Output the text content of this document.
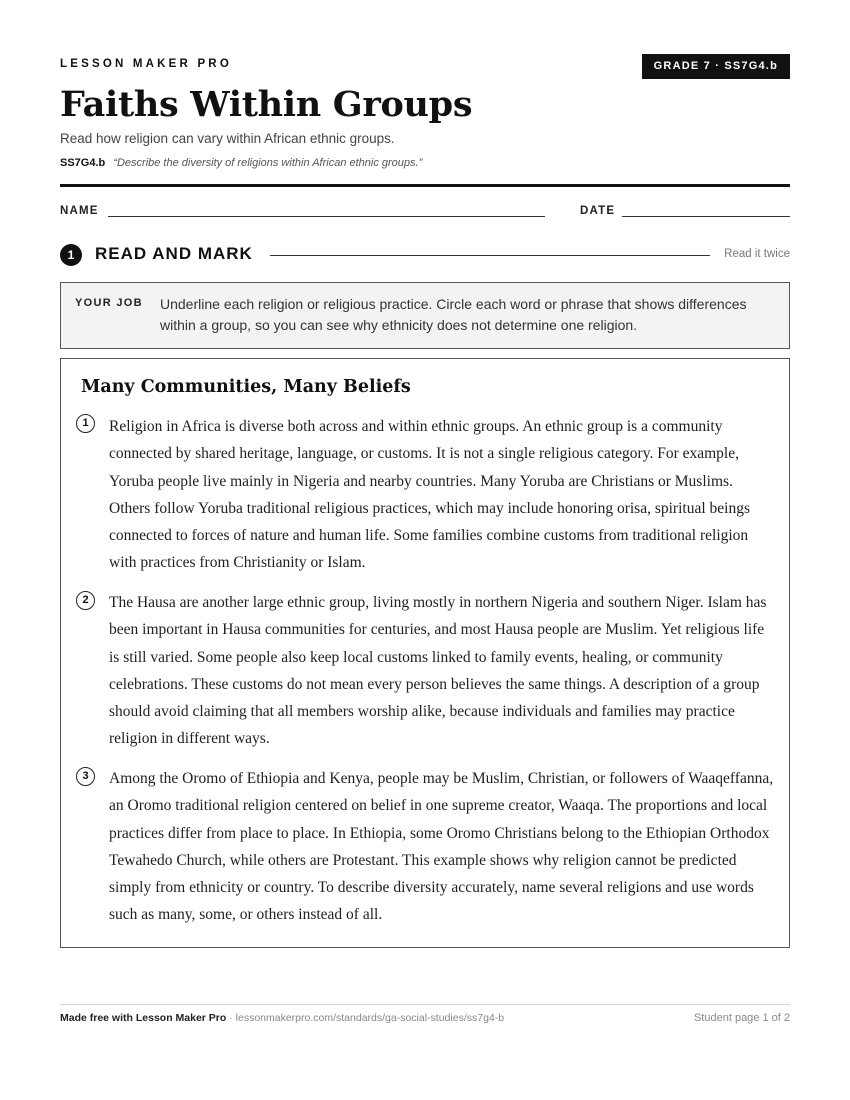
LESSON MAKER PRO	GRADE 7 · SS7G4.b
Faiths Within Groups
Read how religion can vary within African ethnic groups.
SS7G4.b “Describe the diversity of religions within African ethnic groups.”
NAME	DATE
1	READ AND MARK	Read it twice
YOUR JOB Underline each religion or religious practice. Circle each word or phrase that shows differences within a group, so you can see why ethnicity does not determine one religion.
Many Communities, Many Beliefs
1	Religion in Africa is diverse both across and within ethnic groups. An ethnic group is a community connected by shared heritage, language, or customs. It is not a single religious category. For example, Yoruba people live mainly in Nigeria and nearby countries. Many Yoruba are Christians or Muslims. Others follow Yoruba traditional religious practices, which may include honoring orisa, spiritual beings connected to forces of nature and human life. Some families combine customs from traditional religion with practices from Christianity or Islam.
2	The Hausa are another large ethnic group, living mostly in northern Nigeria and southern Niger. Islam has been important in Hausa communities for centuries, and most Hausa people are Muslim. Yet religious life is still varied. Some people also keep local customs linked to family events, healing, or community celebrations. These customs do not mean every person believes the same things. A description of a group should avoid claiming that all members worship alike, because individuals and families may practice religion in different ways.
3	Among the Oromo of Ethiopia and Kenya, people may be Muslim, Christian, or followers of Waaqeffanna, an Oromo traditional religion centered on belief in one supreme creator, Waaqa. The proportions and local practices differ from place to place. In Ethiopia, some Oromo Christians belong to the Ethiopian Orthodox Tewahedo Church, while others are Protestant. This example shows why religion cannot be predicted simply from ethnicity or country. To describe diversity accurately, name several religions and use words such as many, some, or others instead of all.
Made free with Lesson Maker Pro · lessonmakerpro.com/standards/ga-social-studies/ss7g4-b	Student page 1 of 2
